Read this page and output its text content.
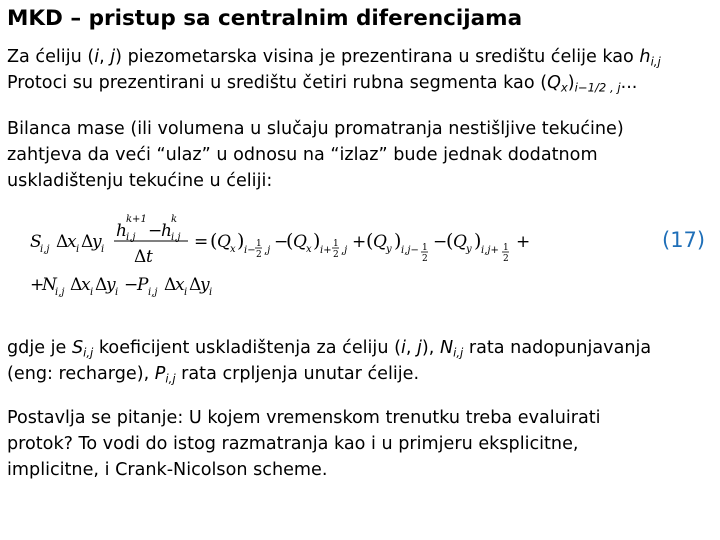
MKD – pristup sa centralnim diferencijama
Za ćeliju (i, j) piezometarska visina je prezentirana u središtu ćelije kao $h_{i,j}$
Protoci su prezentirani u središtu četiri rubna segmenta kao $(Q_x)_{i-1/2 , j}$...
Bilanca mase (ili volumena u slučaju promatranja nestišljive tekućine)
zahtjeva da veći “ulaz” u odnosu na “izlaz” bude jednak dodatnom
uskladištenju tekućine u ćeliji:
S
i,j Δ
x i Δ
y i
h
k+1
i,j −
h
k
i,j
Δ t
= ( Q x ) i−
1
2 ,j −
( Q x ) i+
1
2 ,j + ( Q y ) i,j− 1
2
−
( Q y ) i,j+ 1
2
+
+
N
i,j Δ
x i Δ
y i −
P i,j Δ
x i Δ
y i
(17)
gdje je $S_{i,j}$ koeficijent uskladištenja za ćeliju (i, j), $N_{i,j}$ rata nadopunjavanja
(eng: recharge), $P_{i,j}$ rata crpljenja unutar ćelije.
Postavlja se pitanje: U kojem vremenskom trenutku treba evaluirati
protok? To vodi do istog razmatranja kao i u primjeru eksplicitne,
implicitne, i Crank-Nicolson scheme.
